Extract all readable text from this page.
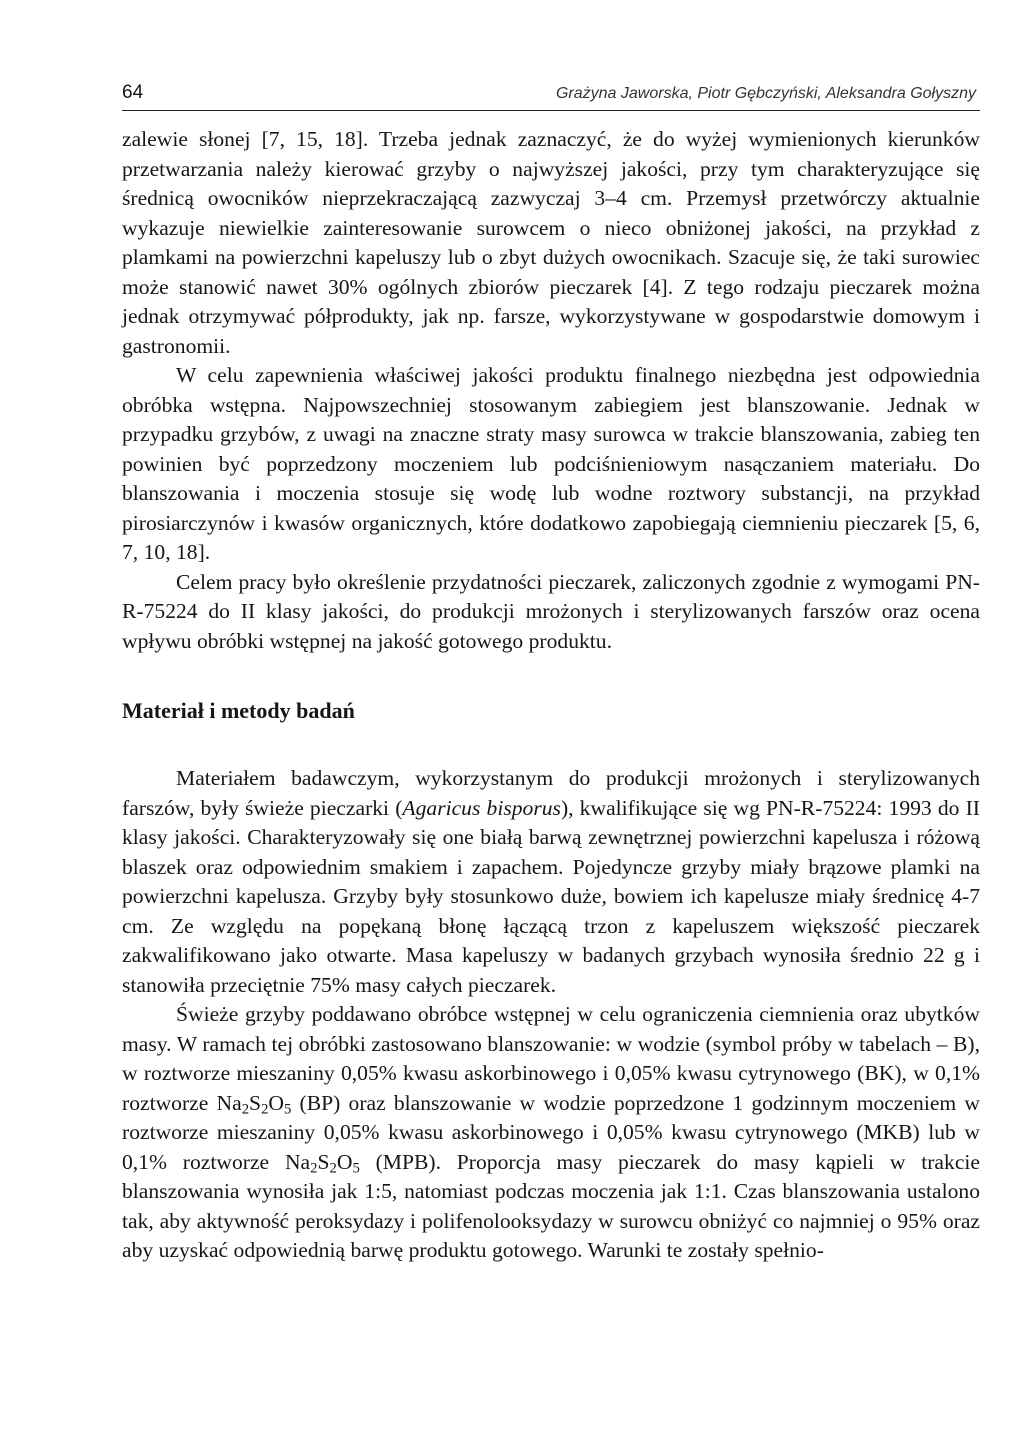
64	Grażyna Jaworska, Piotr Gębczyński, Aleksandra Gołyszny

zalewie słonej [7, 15, 18]. Trzeba jednak zaznaczyć, że do wyżej wymienionych kierunków przetwarzania należy kierować grzyby o najwyższej jakości, przy tym charakteryzujące się średnicą owocników nieprzekraczającą zazwyczaj 3–4 cm. Przemysł przetwórczy aktualnie wykazuje niewielkie zainteresowanie surowcem o nieco obniżonej jakości, na przykład z plamkami na powierzchni kapeluszy lub o zbyt dużych owocnikach. Szacuje się, że taki surowiec może stanowić nawet 30% ogólnych zbiorów pieczarek [4]. Z tego rodzaju pieczarek można jednak otrzymywać półprodukty, jak np. farsze, wykorzystywane w gospodarstwie domowym i gastronomii.

W celu zapewnienia właściwej jakości produktu finalnego niezbędna jest odpowiednia obróbka wstępna. Najpowszechniej stosowanym zabiegiem jest blanszowanie. Jednak w przypadku grzybów, z uwagi na znaczne straty masy surowca w trakcie blanszowania, zabieg ten powinien być poprzedzony moczeniem lub podciśnieniowym nasączaniem materiału. Do blanszowania i moczenia stosuje się wodę lub wodne roztwory substancji, na przykład pirosiarczynów i kwasów organicznych, które dodatkowo zapobiegają ciemnieniu pieczarek [5, 6, 7, 10, 18].

Celem pracy było określenie przydatności pieczarek, zaliczonych zgodnie z wymogami PN-R-75224 do II klasy jakości, do produkcji mrożonych i sterylizowanych farszów oraz ocena wpływu obróbki wstępnej na jakość gotowego produktu.

Materiał i metody badań

Materiałem badawczym, wykorzystanym do produkcji mrożonych i sterylizowanych farszów, były świeże pieczarki (Agaricus bisporus), kwalifikujące się wg PN-R-75224: 1993 do II klasy jakości. Charakteryzowały się one białą barwą zewnętrznej powierzchni kapelusza i różową blaszek oraz odpowiednim smakiem i zapachem. Pojedyncze grzyby miały brązowe plamki na powierzchni kapelusza. Grzyby były stosunkowo duże, bowiem ich kapelusze miały średnicę 4-7 cm. Ze względu na popękaną błonę łączącą trzon z kapeluszem większość pieczarek zakwalifikowano jako otwarte. Masa kapeluszy w badanych grzybach wynosiła średnio 22 g i stanowiła przeciętnie 75% masy całych pieczarek.

Świeże grzyby poddawano obróbce wstępnej w celu ograniczenia ciemnienia oraz ubytków masy. W ramach tej obróbki zastosowano blanszowanie: w wodzie (symbol próby w tabelach – B), w roztworze mieszaniny 0,05% kwasu askorbinowego i 0,05% kwasu cytrynowego (BK), w 0,1% roztworze $Na_2S_2O_5$ (BP) oraz blanszowanie w wodzie poprzedzone 1 godzinnym moczeniem w roztworze mieszaniny 0,05% kwasu askorbinowego i 0,05% kwasu cytrynowego (MKB) lub w 0,1% roztworze $Na_2S_2O_5$ (MPB). Proporcja masy pieczarek do masy kąpieli w trakcie blanszowania wynosiła jak 1:5, natomiast podczas moczenia jak 1:1. Czas blanszowania ustalono tak, aby aktywność peroksydazy i polifenolooksydazy w surowcu obniżyć co najmniej o 95% oraz aby uzyskać odpowiednią barwę produktu gotowego. Warunki te zostały spełnio-
